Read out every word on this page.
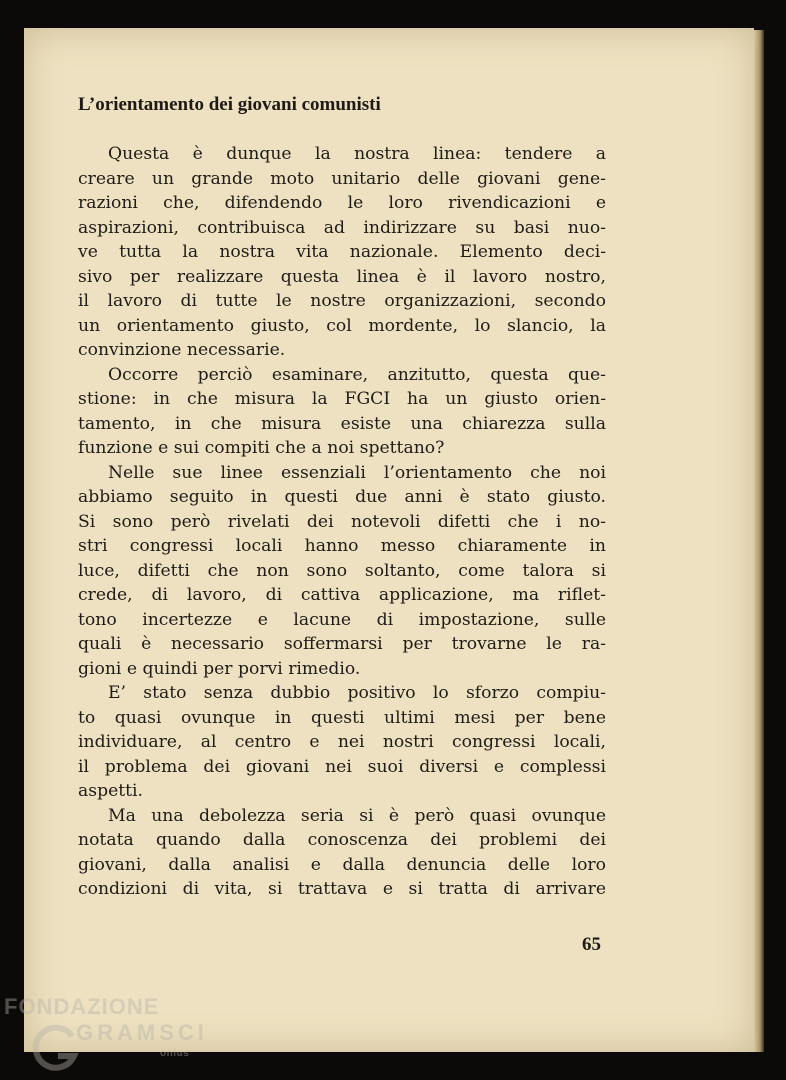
L’orientamento dei giovani comunisti
Questa è dunque la nostra linea: tendere a
creare un grande moto unitario delle giovani gene-
razioni che, difendendo le loro rivendicazioni e
aspirazioni, contribuisca ad indirizzare su basi nuo-
ve tutta la nostra vita nazionale. Elemento deci-
sivo per realizzare questa linea è il lavoro nostro,
il lavoro di tutte le nostre organizzazioni, secondo
un orientamento giusto, col mordente, lo slancio, la
convinzione necessarie.
Occorre perciò esaminare, anzitutto, questa que-
stione: in che misura la FGCI ha un giusto orien-
tamento, in che misura esiste una chiarezza sulla
funzione e sui compiti che a noi spettano?
Nelle sue linee essenziali l’orientamento che noi
abbiamo seguito in questi due anni è stato giusto.
Si sono però rivelati dei notevoli difetti che i no-
stri congressi locali hanno messo chiaramente in
luce, difetti che non sono soltanto, come talora si
crede, di lavoro, di cattiva applicazione, ma riflet-
tono incertezze e lacune di impostazione, sulle
quali è necessario soffermarsi per trovarne le ra-
gioni e quindi per porvi rimedio.
E’ stato senza dubbio positivo lo sforzo compiu-
to quasi ovunque in questi ultimi mesi per bene
individuare, al centro e nei nostri congressi locali,
il problema dei giovani nei suoi diversi e complessi
aspetti.
Ma una debolezza seria si è però quasi ovunque
notata quando dalla conoscenza dei problemi dei
giovani, dalla analisi e dalla denuncia delle loro
condizioni di vita, si trattava e si tratta di arrivare

65

FONDAZIONE
GRAMSCI
onlus
